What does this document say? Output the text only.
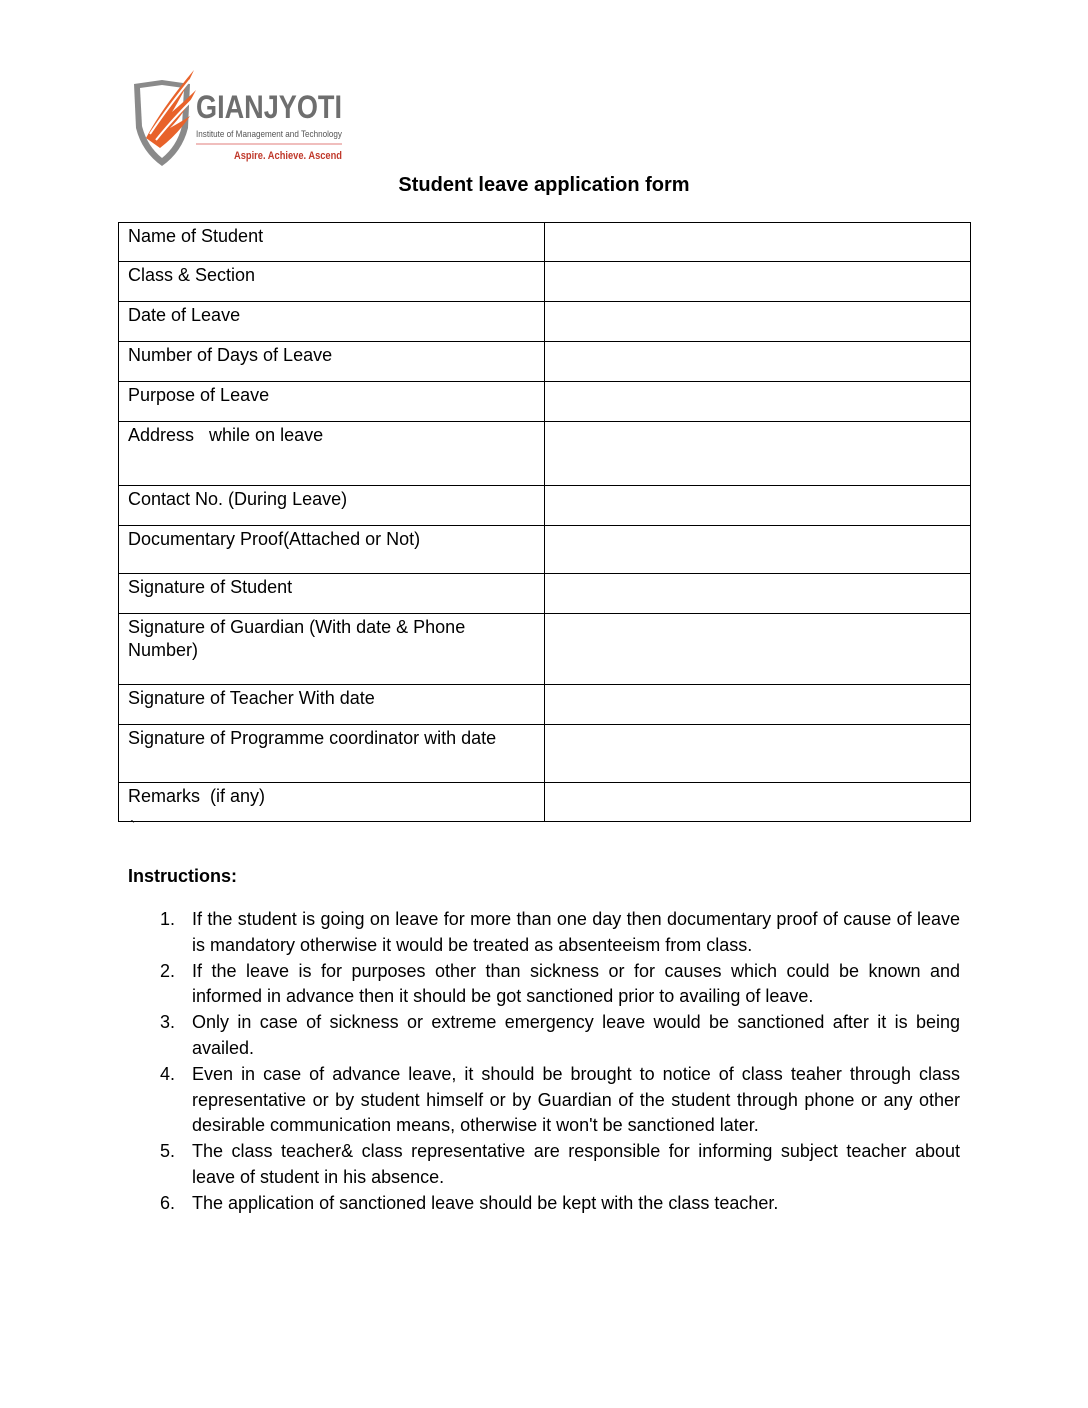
GIANJYOTI
Institute of Management and Technology
Aspire. Achieve. Ascend
Student leave application form
Name of Student	
Class & Section	
Date of Leave	
Number of Days of Leave	
Purpose of Leave	
Address   while on leave	
Contact No. (During Leave)	
Documentary Proof(Attached or Not)	
Signature of Student	
Signature of Guardian (With date & Phone Number)	
Signature of Teacher With date	
Signature of Programme coordinator with date	
Remarks  (if any)	
`
Instructions:
1. If the student is going on leave for more than one day then documentary proof of cause of leave is mandatory otherwise it would be treated as absenteeism from class.
2. If the leave is for purposes other than sickness or for causes which could be known and informed in advance then it should be got sanctioned prior to availing of leave.
3. Only in case of sickness or extreme emergency leave would be sanctioned after it is being availed.
4. Even in case of advance leave, it should be brought to notice of class teaher through class representative or by student himself or by Guardian of the student through phone or any other desirable communication means, otherwise it won't be sanctioned later.
5. The class teacher& class representative are responsible for informing subject teacher about leave of student in his absence.
6. The application of sanctioned leave should be kept with the class teacher.
